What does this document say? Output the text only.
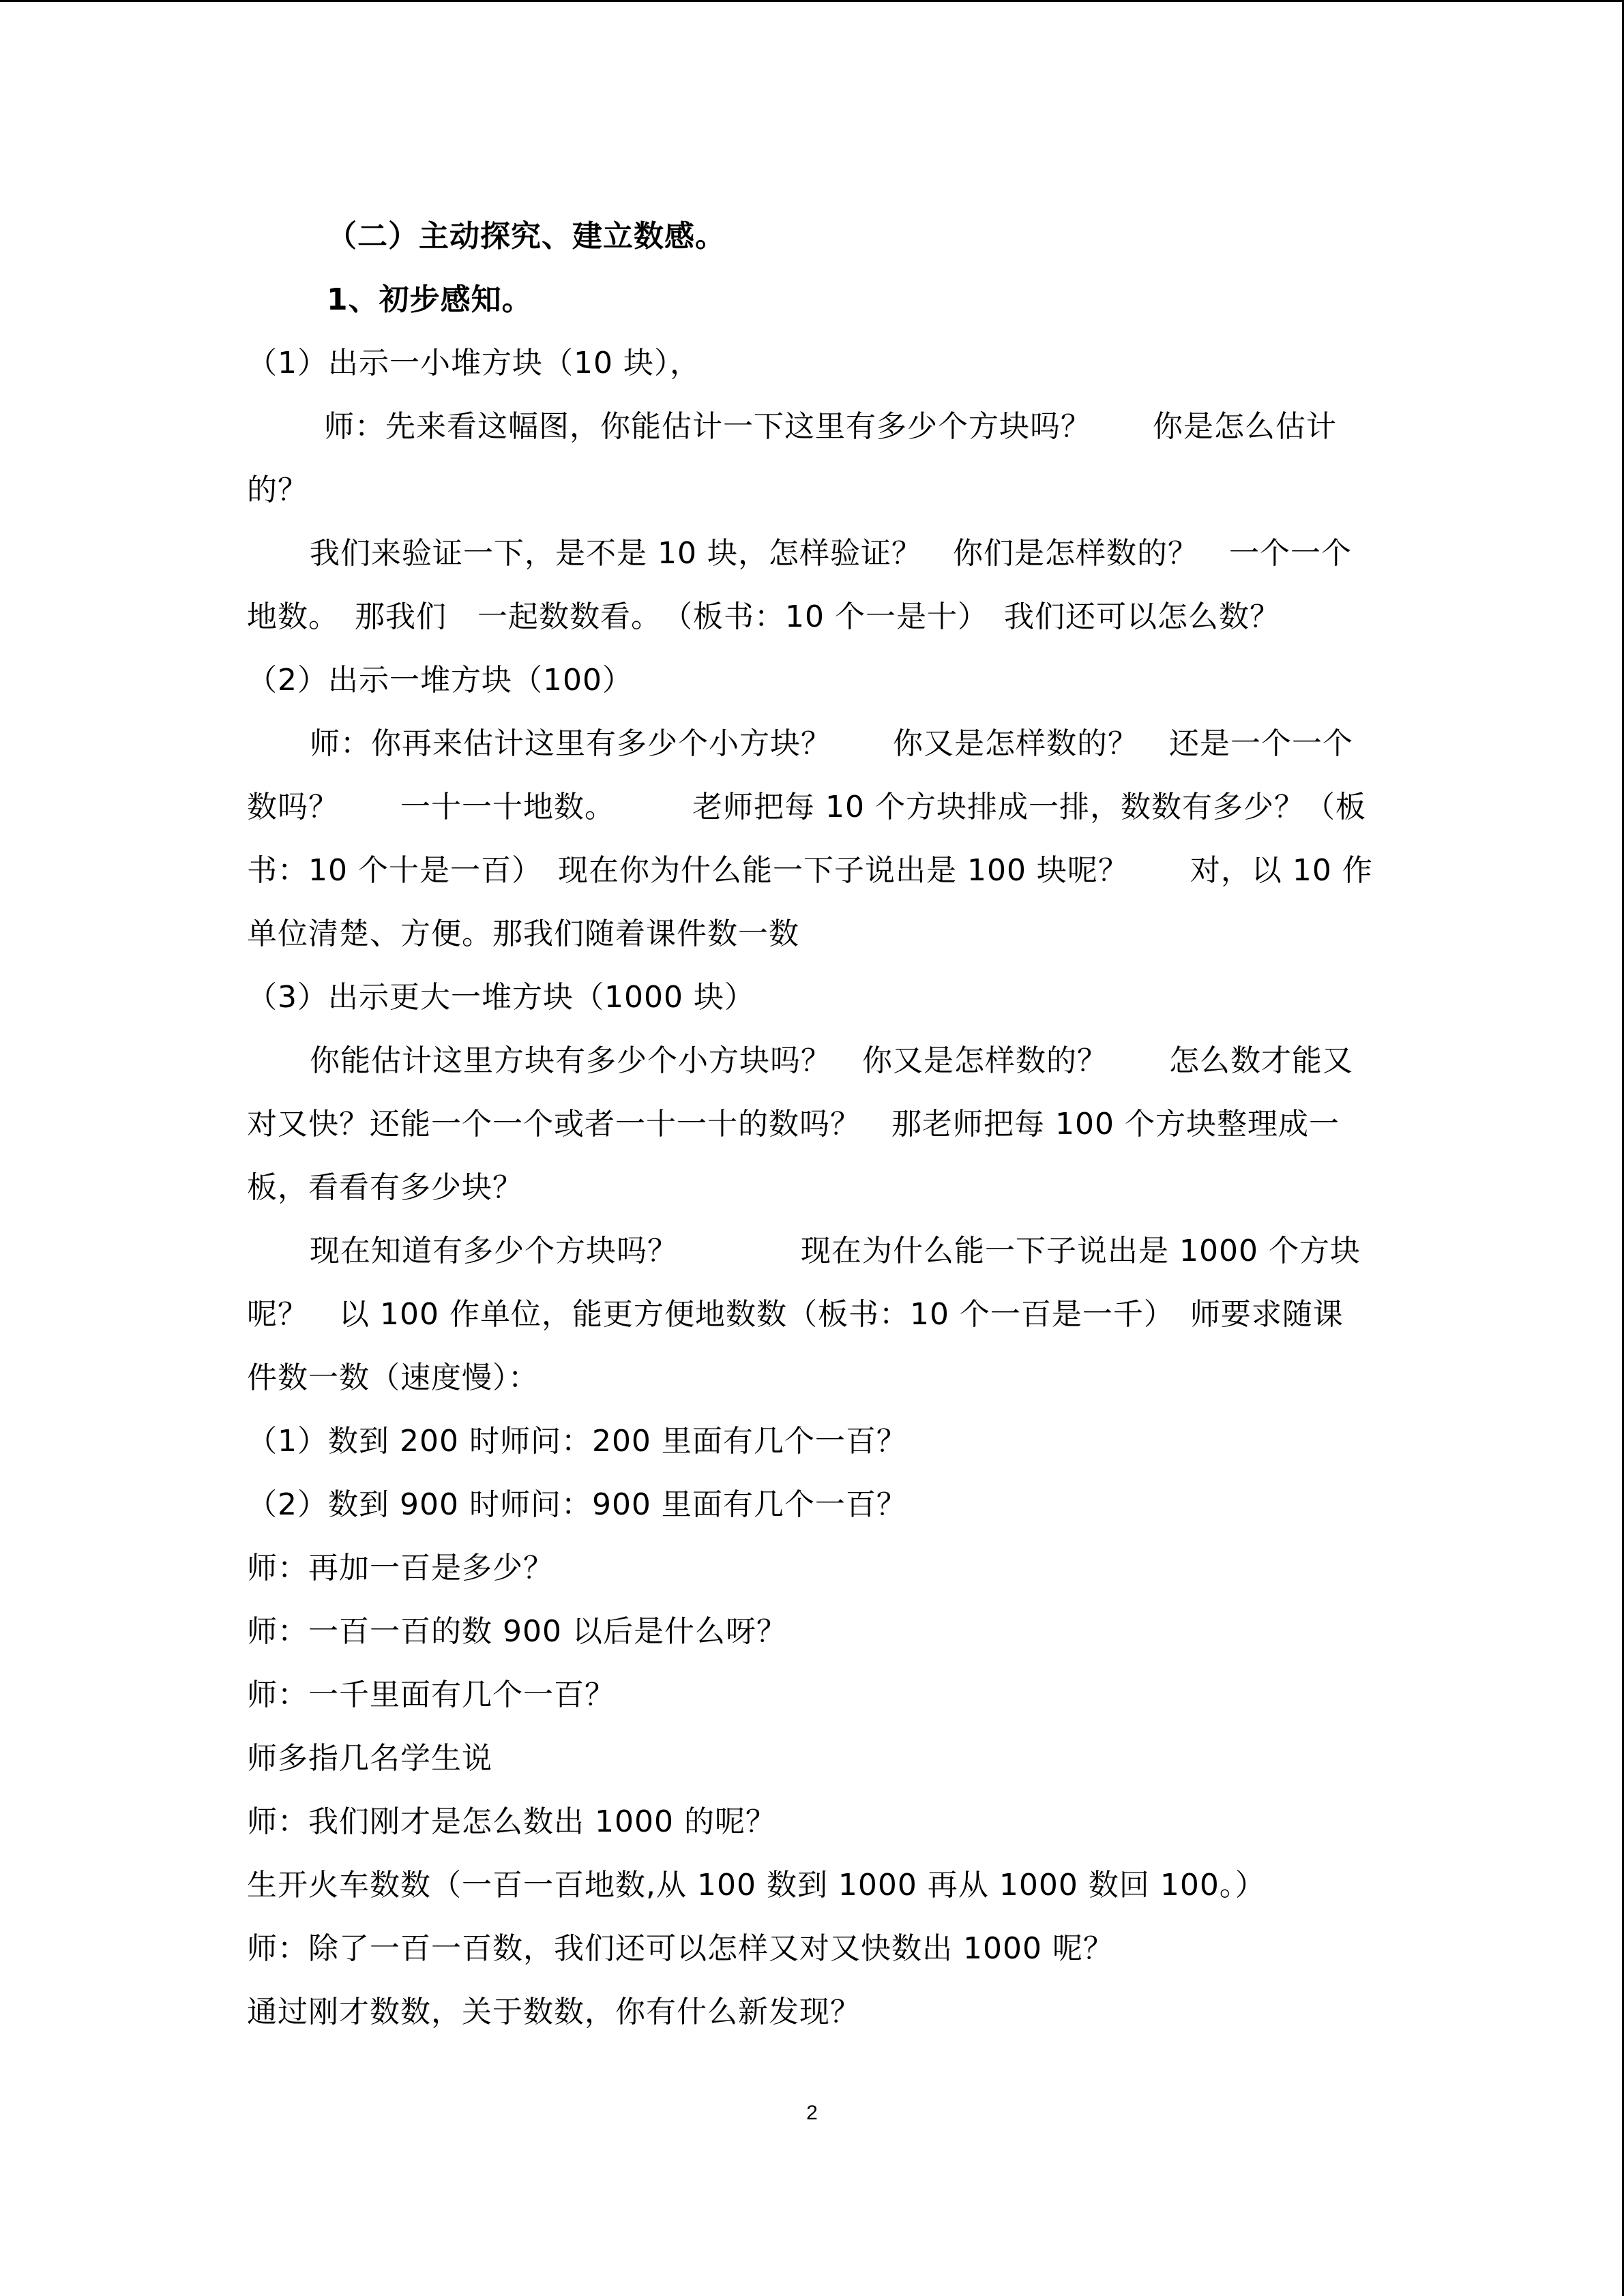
（二）主动探究、建立数感。
1、初步感知。
（1）出示一小堆方块（10 块），
师：先来看这幅图，你能估计一下这里有多少个方块吗？　　你是怎么估计
的？
我们来验证一下，是不是 10 块，怎样验证？　你们是怎样数的？　一个一个
地数。　那我们　一起数数看。　（板书：10 个一是十）　我们还可以怎么数？
（2）出示一堆方块（100）
师：你再来估计这里有多少个小方块？　　你又是怎样数的？　还是一个一个
数吗？　　一十一十地数。　　　老师把每 10 个方块排成一排，数数有多少？（板
书：10 个十是一百）　现在你为什么能一下子说出是 100 块呢？　　对，以 10 作
单位清楚、方便。那我们随着课件数一数
（3）出示更大一堆方块（1000 块）
你能估计这里方块有多少个小方块吗？　你又是怎样数的？　　怎么数才能又
对又快？还能一个一个或者一十一十的数吗？　那老师把每 100 个方块整理成一
板，看看有多少块？
现在知道有多少个方块吗？　　　　现在为什么能一下子说出是 1000 个方块
呢？　以 100 作单位，能更方便地数数（板书：10 个一百是一千）　师要求随课
件数一数（速度慢）：
（1）数到 200 时师问：200 里面有几个一百？
（2）数到 900 时师问：900 里面有几个一百？
师：再加一百是多少？
师：一百一百的数 900 以后是什么呀？
师：一千里面有几个一百？
师多指几名学生说
师：我们刚才是怎么数出 1000 的呢？
生开火车数数（一百一百地数,从 100 数到 1000 再从 1000 数回 100。）
师：除了一百一百数，我们还可以怎样又对又快数出 1000 呢？
通过刚才数数，关于数数，你有什么新发现？
2
